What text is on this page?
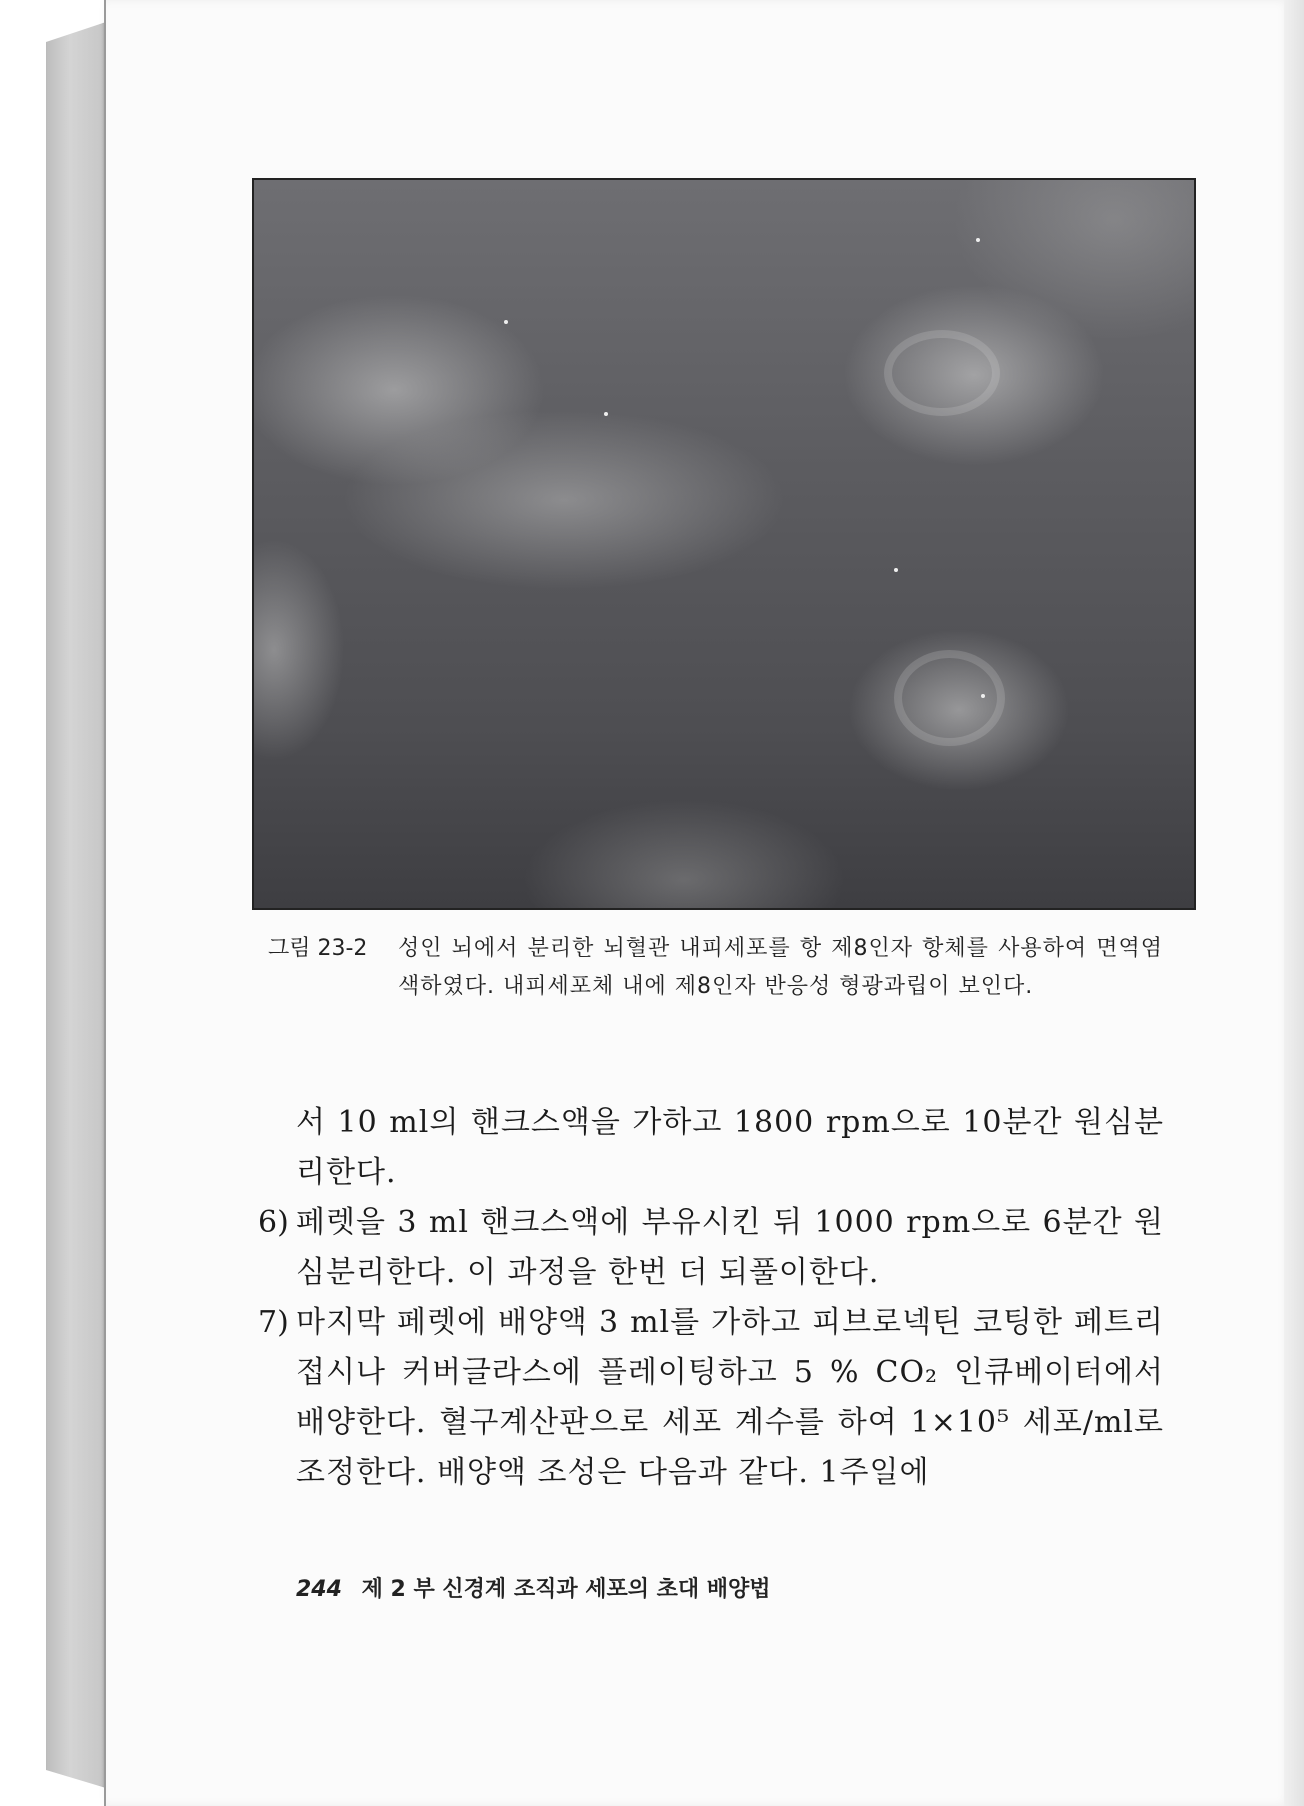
그림 23-2 성인 뇌에서 분리한 뇌혈관 내피세포를 항 제8인자 항체를 사용하여 면역염색하였다. 내피세포체 내에 제8인자 반응성 형광과립이 보인다.

서 10 ml의 핸크스액을 가하고 1800 rpm으로 10분간 원심분리한다.

6) 페렛을 3 ml 핸크스액에 부유시킨 뒤 1000 rpm으로 6분간 원심분리한다. 이 과정을 한번 더 되풀이한다.

7) 마지막 페렛에 배양액 3 ml를 가하고 피브로넥틴 코팅한 페트리 접시나 커버글라스에 플레이팅하고 5 % CO₂ 인큐베이터에서 배양한다. 혈구계산판으로 세포 계수를 하여 1×10⁵ 세포/ml로 조정한다. 배양액 조성은 다음과 같다. 1주일에

244 제 2 부 신경계 조직과 세포의 초대 배양법
